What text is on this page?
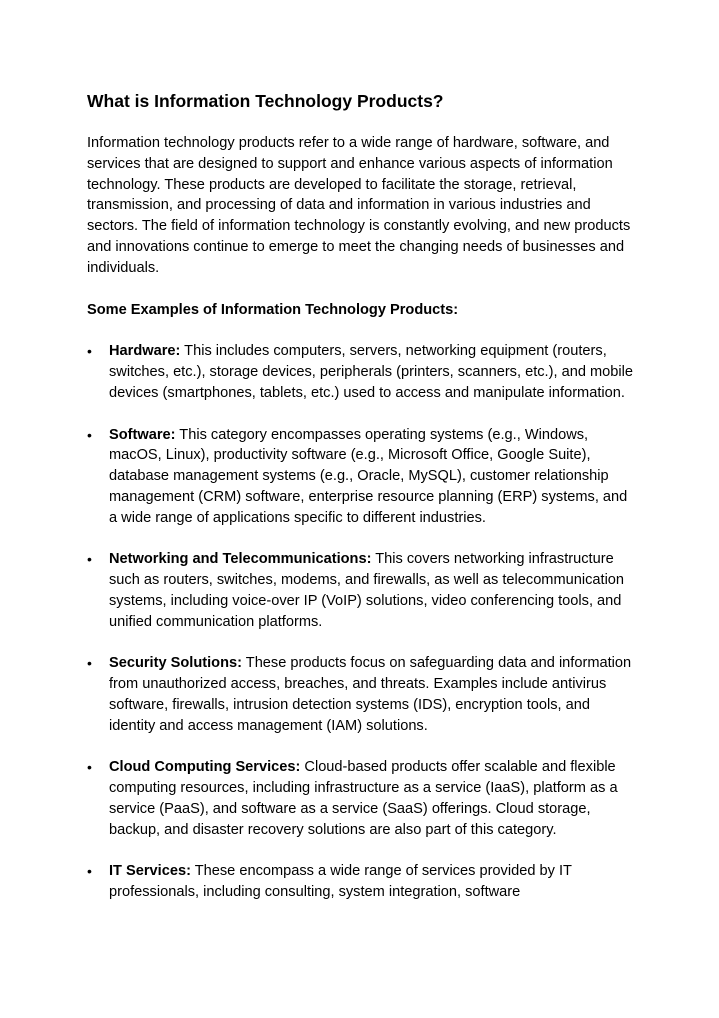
What is Information Technology Products?

Information technology products refer to a wide range of hardware, software, and services that are designed to support and enhance various aspects of information technology. These products are developed to facilitate the storage, retrieval, transmission, and processing of data and information in various industries and sectors. The field of information technology is constantly evolving, and new products and innovations continue to emerge to meet the changing needs of businesses and individuals.

Some Examples of Information Technology Products:

•	Hardware: This includes computers, servers, networking equipment (routers, switches, etc.), storage devices, peripherals (printers, scanners, etc.), and mobile devices (smartphones, tablets, etc.) used to access and manipulate information.
•	Software: This category encompasses operating systems (e.g., Windows, macOS, Linux), productivity software (e.g., Microsoft Office, Google Suite), database management systems (e.g., Oracle, MySQL), customer relationship management (CRM) software, enterprise resource planning (ERP) systems, and a wide range of applications specific to different industries.
•	Networking and Telecommunications: This covers networking infrastructure such as routers, switches, modems, and firewalls, as well as telecommunication systems, including voice-over IP (VoIP) solutions, video conferencing tools, and unified communication platforms.
•	Security Solutions: These products focus on safeguarding data and information from unauthorized access, breaches, and threats. Examples include antivirus software, firewalls, intrusion detection systems (IDS), encryption tools, and identity and access management (IAM) solutions.
•	Cloud Computing Services: Cloud-based products offer scalable and flexible computing resources, including infrastructure as a service (IaaS), platform as a service (PaaS), and software as a service (SaaS) offerings. Cloud storage, backup, and disaster recovery solutions are also part of this category.
•	IT Services: These encompass a wide range of services provided by IT professionals, including consulting, system integration, software
